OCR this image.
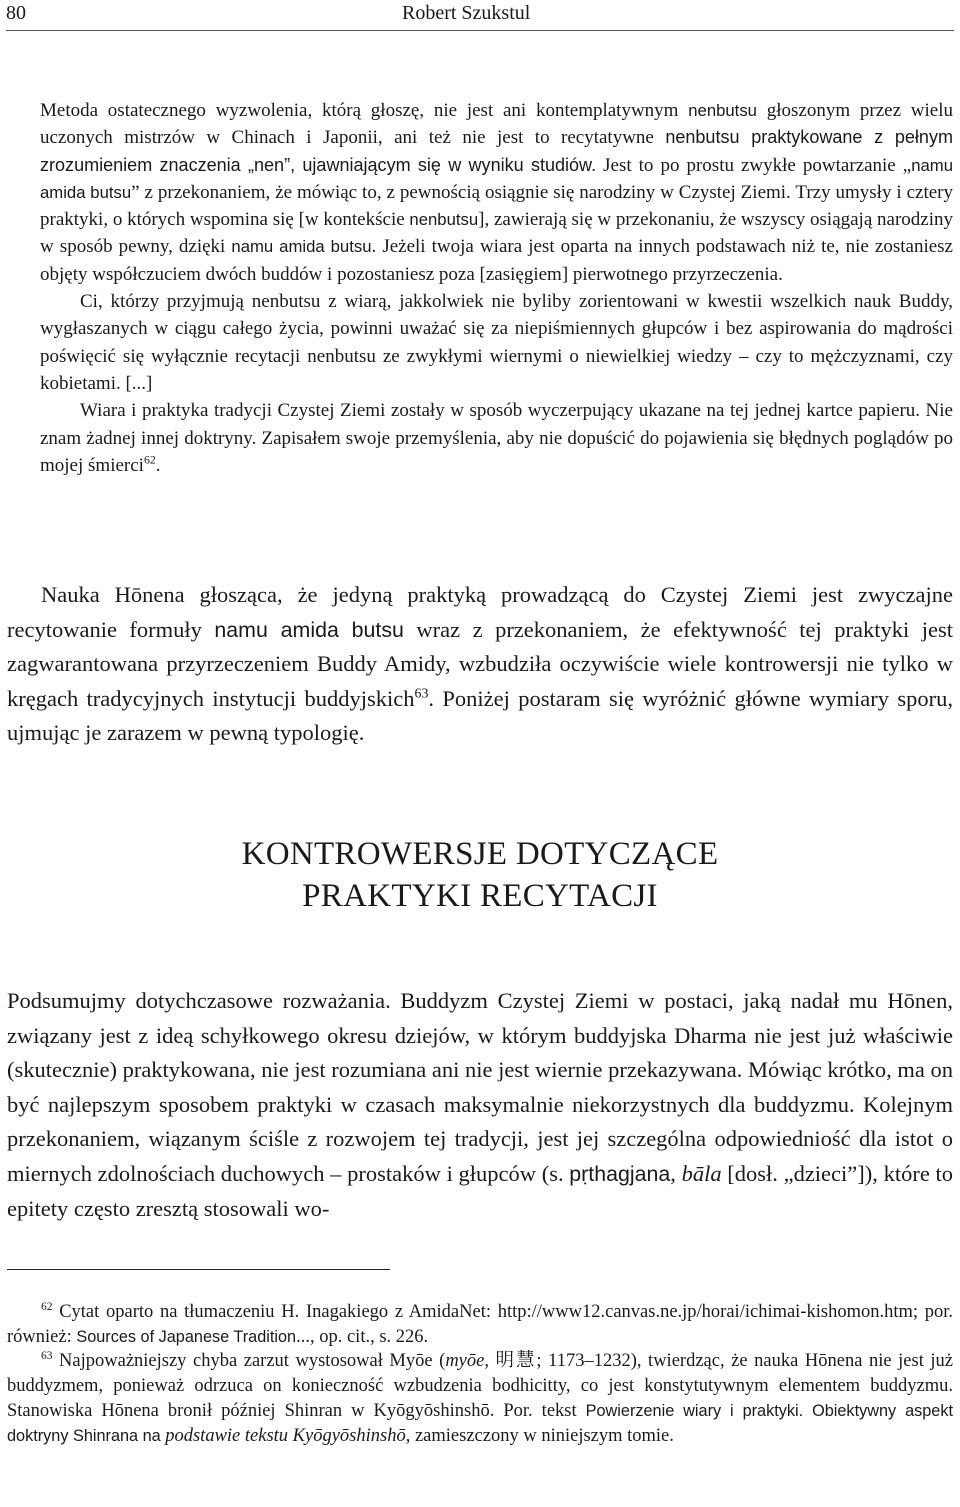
80	Robert Szukstul

Metoda ostatecznego wyzwolenia, którą głoszę, nie jest ani kontemplatywnym nenbutsu głoszonym przez wielu uczonych mistrzów w Chinach i Japonii, ani też nie jest to recytatywne nenbutsu praktykowane z pełnym zrozumieniem znaczenia „nen”, ujawniającym się w wyniku studiów. Jest to po prostu zwykłe powtarzanie „namu amida butsu” z przekonaniem, że mówiąc to, z pewnością osiągnie się narodziny w Czystej Ziemi. Trzy umysły i cztery praktyki, o których wspomina się [w kontekście nenbutsu], zawierają się w przekonaniu, że wszyscy osiągają narodziny w sposób pewny, dzięki namu amida butsu. Jeżeli twoja wiara jest oparta na innych podstawach niż te, nie zostaniesz objęty współczuciem dwóch buddów i pozostaniesz poza [zasięgiem] pierwotnego przyrzeczenia.

Ci, którzy przyjmują nenbutsu z wiarą, jakkolwiek nie byliby zorientowani w kwestii wszelkich nauk Buddy, wygłaszanych w ciągu całego życia, powinni uważać się za niepiśmiennych głupców i bez aspirowania do mądrości poświęcić się wyłącznie recytacji nenbutsu ze zwykłymi wiernymi o niewielkiej wiedzy – czy to mężczyznami, czy kobietami. [...]

Wiara i praktyka tradycji Czystej Ziemi zostały w sposób wyczerpujący ukazane na tej jednej kartce papieru. Nie znam żadnej innej doktryny. Zapisałem swoje przemyślenia, aby nie dopuścić do pojawienia się błędnych poglądów po mojej śmierci$^{62}$.

Nauka Hōnena głosząca, że jedyną praktyką prowadzącą do Czystej Ziemi jest zwyczajne recytowanie formuły namu amida butsu wraz z przekonaniem, że efektywność tej praktyki jest zagwarantowana przyrzeczeniem Buddy Amidy, wzbudziła oczywiście wiele kontrowersji nie tylko w kręgach tradycyjnych instytucji buddyjskich$^{63}$. Poniżej postaram się wyróżnić główne wymiary sporu, ujmując je zarazem w pewną typologię.

KONTROWERSJE DOTYCZĄCE
PRAKTYKI RECYTACJI

Podsumujmy dotychczasowe rozważania. Buddyzm Czystej Ziemi w postaci, jaką nadał mu Hōnen, związany jest z ideą schyłkowego okresu dziejów, w którym buddyjska Dharma nie jest już właściwie (skutecznie) praktykowana, nie jest rozumiana ani nie jest wiernie przekazywana. Mówiąc krótko, ma on być najlepszym sposobem praktyki w czasach maksymalnie niekorzystnych dla buddyzmu. Kolejnym przekonaniem, wiązanym ściśle z rozwojem tej tradycji, jest jej szczególna odpowiedniość dla istot o miernych zdolnościach duchowych – prostaków i głupców (s. pṛthagjana, bāla [dosł. „dzieci”]), które to epitety często zresztą stosowali wo-

$^{62}$ Cytat oparto na tłumaczeniu H. Inagakiego z AmidaNet: http://www12.canvas.ne.jp/horai/ichimai-kishomon.htm; por. również: Sources of Japanese Tradition..., op. cit., s. 226.

$^{63}$ Najpoważniejszy chyba zarzut wystosował Myōe (myōe, 明慧; 1173–1232), twierdząc, że nauka Hōnena nie jest już buddyzmem, ponieważ odrzuca on konieczność wzbudzenia bodhicitty, co jest konstytutywnym elementem buddyzmu. Stanowiska Hōnena bronił później Shinran w Kyōgyōshinshō. Por. tekst Powierzenie wiary i praktyki. Obiektywny aspekt doktryny Shinrana na podstawie tekstu Kyōgyōshinshō, zamieszczony w niniejszym tomie.
